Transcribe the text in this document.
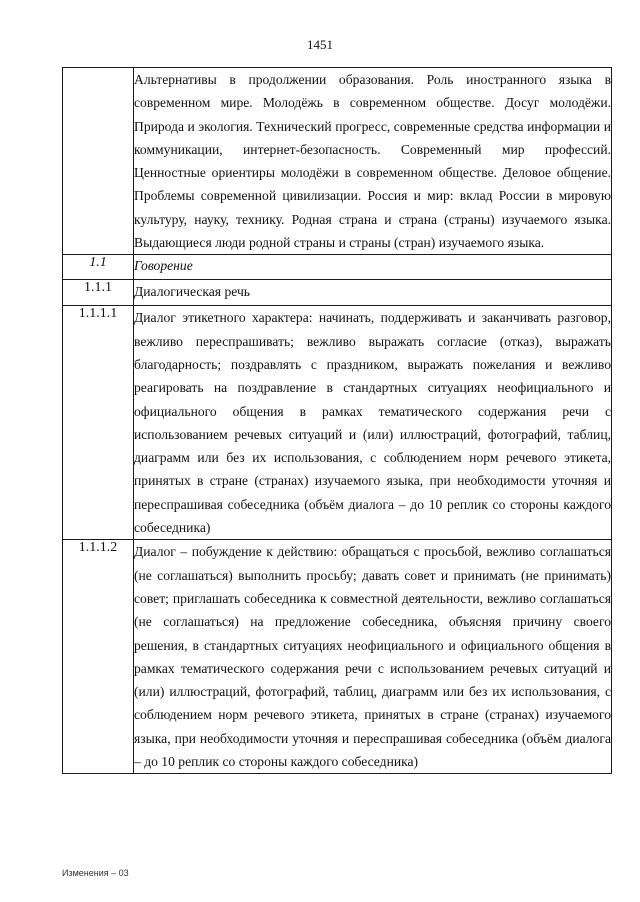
1451
	Альтернативы в продолжении образования. Роль иностранного языка в современном мире. Молодёжь в современном обществе. Досуг молодёжи. Природа и экология. Технический прогресс, современные средства информации и коммуникации, интернет-безопасность. Современный мир профессий. Ценностные ориентиры молодёжи в современном обществе. Деловое общение. Проблемы современной цивилизации. Россия и мир: вклад России в мировую культуру, науку, технику. Родная страна и страна (страны) изучаемого языка. Выдающиеся люди родной страны и страны (стран) изучаемого языка.
1.1	Говорение
1.1.1	Диалогическая речь
1.1.1.1	Диалог этикетного характера: начинать, поддерживать и заканчивать разговор, вежливо переспрашивать; вежливо выражать согласие (отказ), выражать благодарность; поздравлять с праздником, выражать пожелания и вежливо реагировать на поздравление в стандартных ситуациях неофициального и официального общения в рамках тематического содержания речи с использованием речевых ситуаций и (или) иллюстраций, фотографий, таблиц, диаграмм или без их использования, с соблюдением норм речевого этикета, принятых в стране (странах) изучаемого языка, при необходимости уточняя и переспрашивая собеседника (объём диалога – до 10 реплик со стороны каждого собеседника)
1.1.1.2	Диалог – побуждение к действию: обращаться с просьбой, вежливо соглашаться (не соглашаться) выполнить просьбу; давать совет и принимать (не принимать) совет; приглашать собеседника к совместной деятельности, вежливо соглашаться (не соглашаться) на предложение собеседника, объясняя причину своего решения, в стандартных ситуациях неофициального и официального общения в рамках тематического содержания речи с использованием речевых ситуаций и (или) иллюстраций, фотографий, таблиц, диаграмм или без их использования, с соблюдением норм речевого этикета, принятых в стране (странах) изучаемого языка, при необходимости уточняя и переспрашивая собеседника (объём диалога – до 10 реплик со стороны каждого собеседника)
Изменения – 03
